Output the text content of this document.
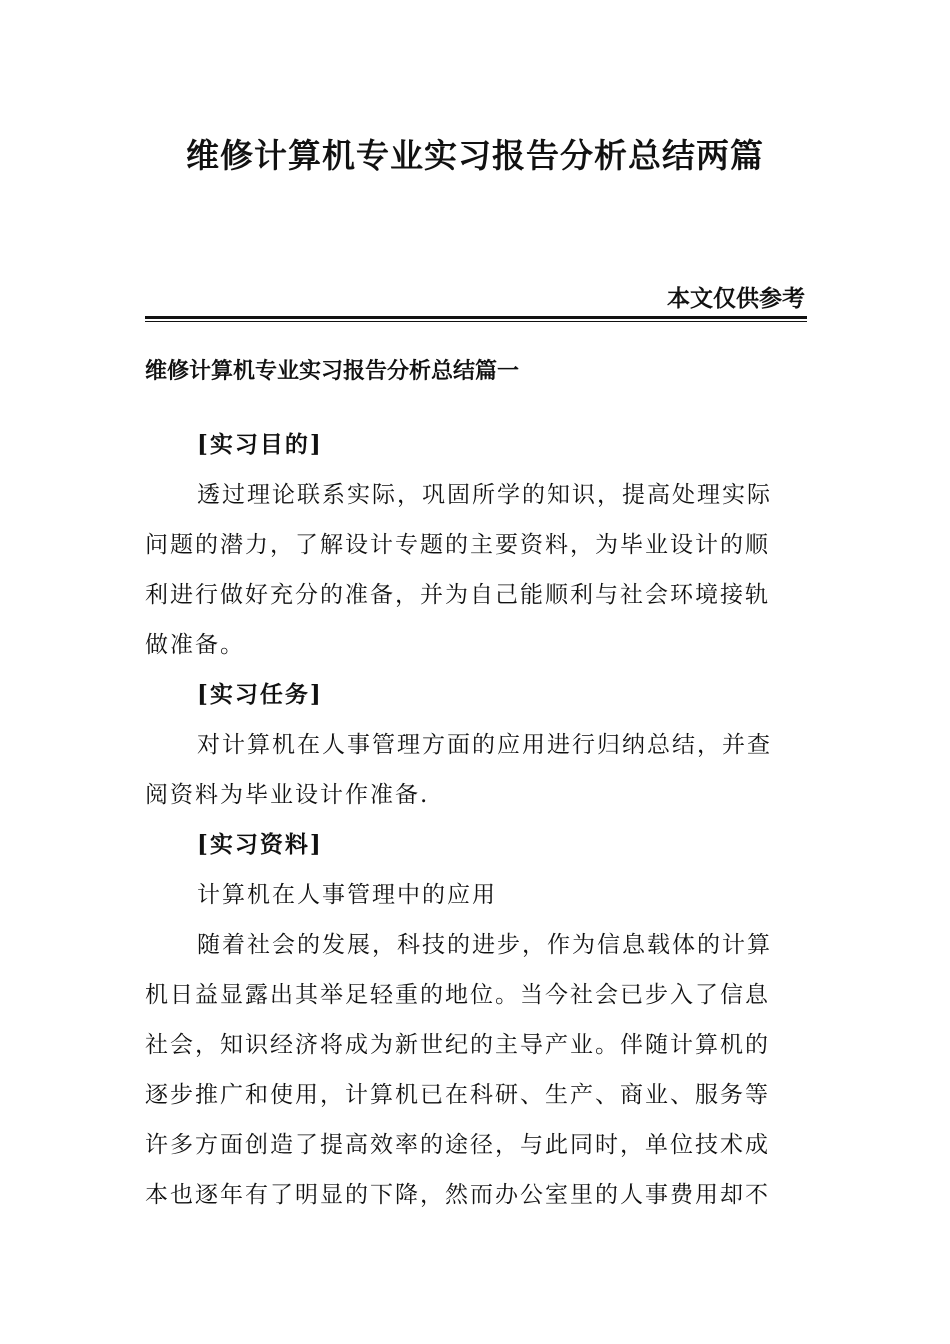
维修计算机专业实习报告分析总结两篇

本文仅供参考

维修计算机专业实习报告分析总结篇一

[实习目的]

透过理论联系实际，巩固所学的知识，提高处理实际问题的潜力，了解设计专题的主要资料，为毕业设计的顺利进行做好充分的准备，并为自己能顺利与社会环境接轨做准备。

[实习任务]

对计算机在人事管理方面的应用进行归纳总结，并查阅资料为毕业设计作准备.

[实习资料]

计算机在人事管理中的应用

随着社会的发展，科技的进步，作为信息载体的计算机日益显露出其举足轻重的地位。当今社会已步入了信息社会，知识经济将成为新世纪的主导产业。伴随计算机的逐步推广和使用，计算机已在科研、生产、商业、服务等许多方面创造了提高效率的途径，与此同时，单位技术成本也逐年有了明显的下降，然而办公室里的人事费用却不
